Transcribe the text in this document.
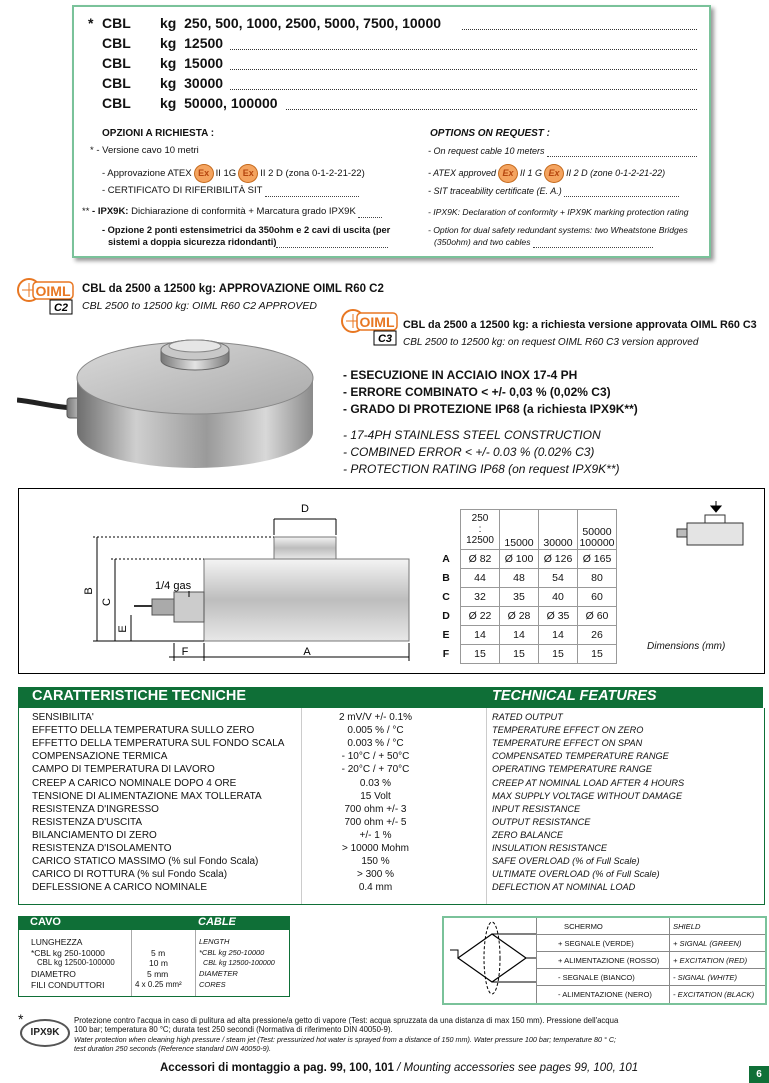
* CBL kg 250, 500, 1000, 2500, 5000, 7500, 10000
CBL kg 12500
CBL kg 15000
CBL kg 30000
CBL kg 50000, 100000
OPZIONI A RICHIESTA :	OPTIONS ON REQUEST :
* - Versione cavo 10 metri	- On request cable 10 meters
- Approvazione ATEX Ex II 1G Ex II 2 D (zona 0-1-2-21-22)	- ATEX approved Ex II 1 G Ex II 2 D (zone 0-1-2-21-22)
- CERTIFICATO DI RIFERIBILITÀ SIT	- SIT traceability certificate (E. A.)
** - IPX9K: Dichiarazione di conformità + Marcatura grado IPX9K	- IPX9K: Declaration of conformity + IPX9K marking protection rating
- Opzione 2 ponti estensimetrici da 350ohm e 2 cavi di uscita (per
sistemi a doppia sicurezza ridondanti)
- Option for dual safety redundant systems: two Wheatstone Bridges
(350ohm) and two cables
OIML
C2
CBL da 2500 a 12500 kg: APPROVAZIONE OIML R60 C2
CBL 2500 to 12500 kg: OIML R60 C2 APPROVED
OIML
C3
CBL da 2500 a 12500 kg: a richiesta versione approvata OIML R60 C3
CBL 2500 to 12500 kg: on request OIML R60 C3 version approved
- ESECUZIONE IN ACCIAIO INOX 17-4 PH
- ERRORE COMBINATO < +/- 0,03 % (0,02% C3)
- GRADO DI PROTEZIONE IP68 (a richiesta IPX9K**)
- 17-4PH STAINLESS STEEL CONSTRUCTION
- COMBINED ERROR < +/- 0.03 % (0.02% C3)
- PROTECTION RATING IP68 (on request IPX9K**)
D
B
C
E
1/4 gas
F	A
	250
:
12500	15000	30000	50000
100000
A	Ø 82	Ø 100	Ø 126	Ø 165
B	44	48	54	80
C	32	35	40	60
D	Ø 22	Ø 28	Ø 35	Ø 60
E	14	14	14	26
F	15	15	15	15
Dimensions (mm)
CARATTERISTICHE TECNICHE	TECHNICAL FEATURES
SENSIBILITA'	2 mV/V +/- 0.1%	RATED OUTPUT
EFFETTO DELLA TEMPERATURA SULLO ZERO	0.005 % / °C	TEMPERATURE EFFECT ON ZERO
EFFETTO DELLA TEMPERATURA SUL FONDO SCALA	0.003 % / °C	TEMPERATURE EFFECT ON SPAN
COMPENSAZIONE TERMICA	- 10°C / + 50°C	COMPENSATED TEMPERATURE RANGE
CAMPO DI TEMPERATURA DI LAVORO	- 20°C / + 70°C	OPERATING TEMPERATURE RANGE
CREEP A CARICO NOMINALE DOPO 4 ORE	0.03 %	CREEP AT NOMINAL LOAD AFTER 4 HOURS
TENSIONE DI ALIMENTAZIONE MAX TOLLERATA	15 Volt	MAX SUPPLY VOLTAGE WITHOUT DAMAGE
RESISTENZA D'INGRESSO	700 ohm +/- 3	INPUT RESISTANCE
RESISTENZA D'USCITA	700 ohm +/- 5	OUTPUT RESISTANCE
BILANCIAMENTO DI ZERO	+/- 1 %	ZERO BALANCE
RESISTENZA D'ISOLAMENTO	> 10000 Mohm	INSULATION RESISTANCE
CARICO STATICO MASSIMO (% sul Fondo Scala)	150 %	SAFE OVERLOAD (% of Full Scale)
CARICO DI ROTTURA (% sul Fondo Scala)	> 300 %	ULTIMATE OVERLOAD (% of Full Scale)
DEFLESSIONE A CARICO NOMINALE	0.4 mm	DEFLECTION AT NOMINAL LOAD
CAVO	CABLE
LUNGHEZZA	LENGTH
*CBL kg 250-10000	5 m	*CBL kg 250-10000
CBL kg 12500-100000	10 m	CBL kg 12500-100000
DIAMETRO	5 mm	DIAMETER
FILI CONDUTTORI	4 x 0.25 mm² CORES
SCHERMO	SHIELD
+ SEGNALE (VERDE)	+ SIGNAL (GREEN)
+ ALIMENTAZIONE (ROSSO) + EXCITATION (RED)
- SEGNALE (BIANCO)	- SIGNAL (WHITE)
- ALIMENTAZIONE (NERO)	- EXCITATION (BLACK)
*
IPX9K
Protezione contro l'acqua in caso di pulitura ad alta pressione/a getto di vapore (Test: acqua spruzzata da una distanza di max 150 mm). Pressione dell'acqua
100 bar; temperatura 80 °C; durata test 250 secondi (Normativa di riferimento DIN 40050-9).
Water protection when cleaning high pressure / steam jet (Test: pressurized hot water is sprayed from a distance of 150 mm). Water pressure 100 bar; temperature 80 ° C;
test duration 250 seconds (Reference standard DIN 40050-9).
Accessori di montaggio a pag. 99, 100, 101 / Mounting accessories see pages 99, 100, 101
6
